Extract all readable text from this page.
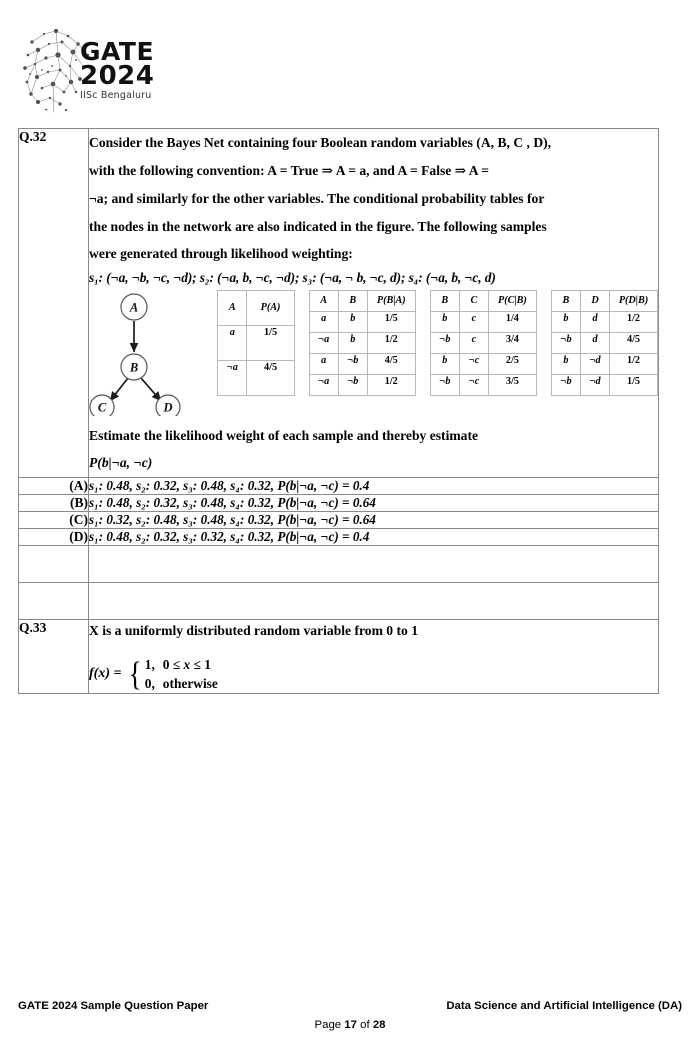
GATE
2024
IISc Bengaluru
Q.32	Consider the Bayes Net containing four Boolean random variables (A, B, C , D),
with the following convention: A = True ⇒ A = a, and A = False ⇒ A =
¬a; and similarly for the other variables. The conditional probability tables for
the nodes in the network are also indicated in the figure. The following samples
were generated through likelihood weighting:
s₁: (¬a, ¬b, ¬c, ¬d); s₂: (¬a, b, ¬c, ¬d); s₃: (¬a, ¬ b, ¬c, d); s₄: (¬a, b, ¬c, d)
A
B
C	D
A	P(A)
a	1/5
¬a	4/5
A	B	P(B|A)
a	b	1/5
¬a	b	1/2
a	¬b	4/5
¬a	¬b	1/2
B	C	P(C|B)
b	c	1/4
¬b	c	3/4
b	¬c	2/5
¬b	¬c	3/5
B	D	P(D|B)
b	d	1/2
¬b	d	4/5
b	¬d	1/2
¬b	¬d	1/5
Estimate the likelihood weight of each sample and thereby estimate
P(b|¬a, ¬c)

(A)	s₁: 0.48, s₂: 0.32, s₃: 0.48, s₄: 0.32, P(b|¬a, ¬c) = 0.4
(B)	s₁: 0.48, s₂: 0.32, s₃: 0.48, s₄: 0.32, P(b|¬a, ¬c) = 0.64
(C)	s₁: 0.32, s₂: 0.48, s₃: 0.48, s₄: 0.32, P(b|¬a, ¬c) = 0.64
(D)	s₁: 0.48, s₂: 0.32, s₃: 0.32, s₄: 0.32, P(b|¬a, ¬c) = 0.4

Q.33	X is a uniformly distributed random variable from 0 to 1
f(x) = { 1, 0 ≤ x ≤ 1
0, otherwise
GATE 2024 Sample Question Paper	Data Science and Artificial Intelligence (DA)
Page 17 of 28
